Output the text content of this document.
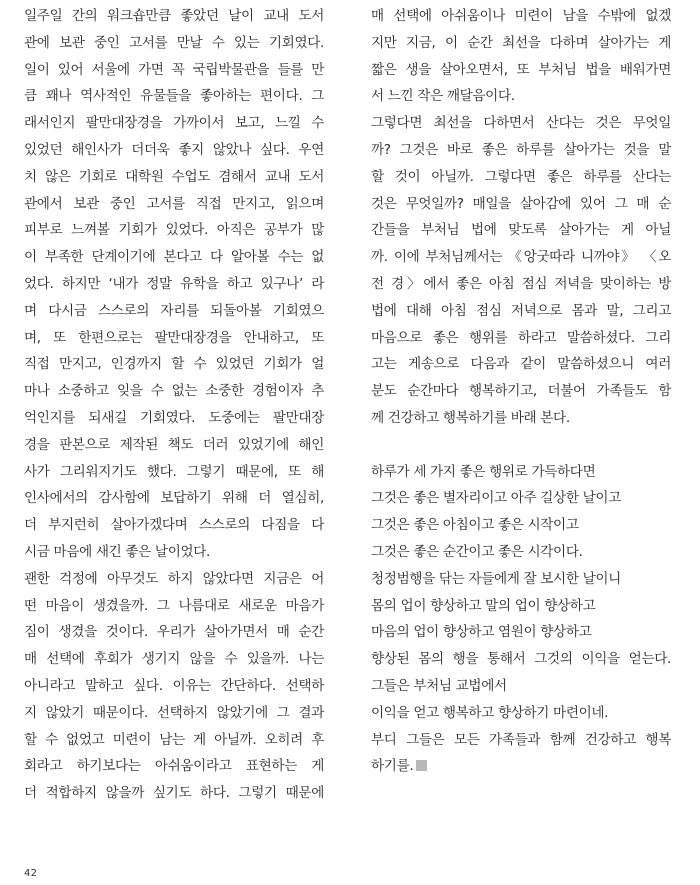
일주일 간의 워크숍만큼 좋았던 날이 교내 도서
관에 보관 중인 고서를 만날 수 있는 기회였다.
일이 있어 서울에 가면 꼭 국립박물관을 들를 만
큼 꽤나 역사적인 유물들을 좋아하는 편이다. 그
래서인지 팔만대장경을 가까이서 보고, 느낄 수
있었던 해인사가 더더욱 좋지 않았나 싶다. 우연
치 않은 기회로 대학원 수업도 겸해서 교내 도서
관에서 보관 중인 고서를 직접 만지고, 읽으며
피부로 느껴볼 기회가 있었다. 아직은 공부가 많
이 부족한 단계이기에 본다고 다 알아볼 수는 없
었다. 하지만 ‘내가 정말 유학을 하고 있구나’ 라
며 다시금 스스로의 자리를 되돌아볼 기회였으
며, 또 한편으로는 팔만대장경을 안내하고, 또
직접 만지고, 인경까지 할 수 있었던 기회가 얼
마나 소중하고 잊을 수 없는 소중한 경험이자 추
억인지를 되새길 기회였다. 도중에는 팔만대장
경을 판본으로 제작된 책도 더러 있었기에 해인
사가 그리워지기도 했다. 그렇기 때문에, 또 해
인사에서의 감사함에 보답하기 위해 더 열심히,
더 부지런히 살아가겠다며 스스로의 다짐을 다
시금 마음에 새긴 좋은 날이었다.
괜한 걱정에 아무것도 하지 않았다면 지금은 어
떤 마음이 생겼을까. 그 나름대로 새로운 마음가
짐이 생겼을 것이다. 우리가 살아가면서 매 순간
매 선택에 후회가 생기지 않을 수 있을까. 나는
아니라고 말하고 싶다. 이유는 간단하다. 선택하
지 않았기 때문이다. 선택하지 않았기에 그 결과
할 수 없었고 미련이 남는 게 아닐까. 오히려 후
회라고 하기보다는 아쉬움이라고 표현하는 게
더 적합하지 않을까 싶기도 하다. 그렇기 때문에
매 선택에 아쉬움이나 미련이 남을 수밖에 없겠
지만 지금, 이 순간 최선을 다하며 살아가는 게
짧은 생을 살아오면서, 또 부처님 법을 배워가면
서 느낀 작은 깨달음이다.
그렇다면 최선을 다하면서 산다는 것은 무엇일
까? 그것은 바로 좋은 하루를 살아가는 것을 말
할 것이 아닐까. 그렇다면 좋은 하루를 산다는
것은 무엇일까? 매일을 살아감에 있어 그 매 순
간들을 부처님 법에 맞도록 살아가는 게 아닐
까. 이에 부처님께서는 《앙굿따라 니까야》 〈오
전 경〉에서 좋은 아침 점심 저녁을 맞이하는 방
법에 대해 아침 점심 저녁으로 몸과 말, 그리고
마음으로 좋은 행위를 하라고 말씀하셨다. 그리
고는 게송으로 다음과 같이 말씀하셨으니 여러
분도 순간마다 행복하기고, 더불어 가족들도 함
께 건강하고 행복하기를 바래 본다.
하루가 세 가지 좋은 행위로 가득하다면
그것은 좋은 별자리이고 아주 길상한 날이고
그것은 좋은 아침이고 좋은 시작이고
그것은 좋은 순간이고 좋은 시각이다.
청정범행을 닦는 자들에게 잘 보시한 날이니
몸의 업이 향상하고 말의 업이 향상하고
마음의 업이 향상하고 염원이 향상하고
향상된 몸의 행을 통해서 그것의 이익을 얻는다.
그들은 부처님 교법에서
이익을 얻고 행복하고 향상하기 마련이네.
부디 그들은 모든 가족들과 함께 건강하고 행복
하기를.
42
